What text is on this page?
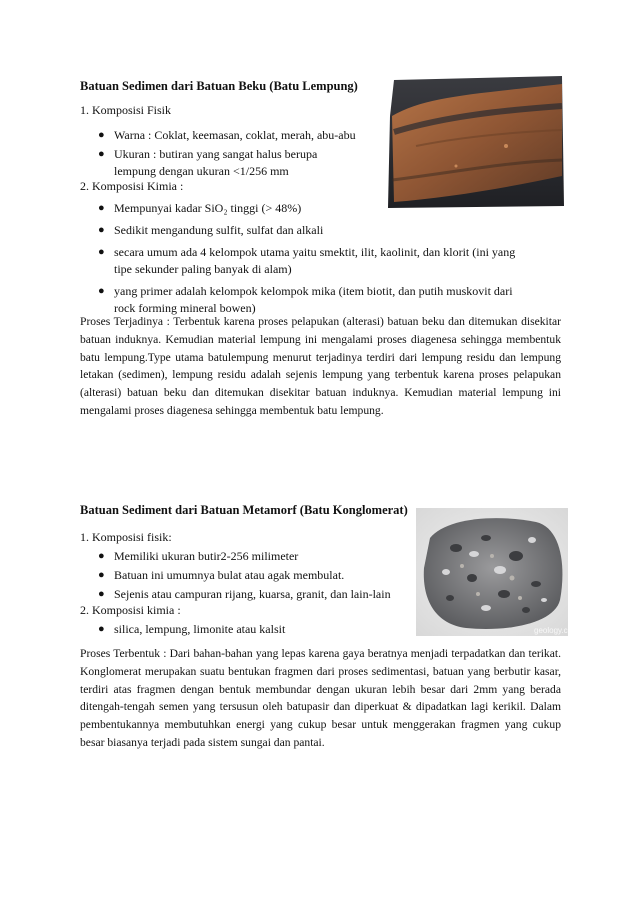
Batuan Sedimen dari Batuan Beku (Batu Lempung)
1. Komposisi Fisik
● Warna : Coklat, keemasan, coklat, merah, abu-abu
● Ukuran : butiran yang sangat halus berupa
lempung dengan ukuran <1/256 mm
2. Komposisi Kimia :
● Mempunyai kadar SiO₂ tinggi (> 48%)
● Sedikit mengandung sulfit, sulfat dan alkali
● secara umum ada 4 kelompok utama yaitu smektit, ilit, kaolinit, dan klorit (ini yang
tipe sekunder paling banyak di alam)
● yang primer adalah kelompok kelompok mika (item biotit, dan putih muskovit dari
rock forming mineral bowen)
Proses Terjadinya : Terbentuk karena proses pelapukan (alterasi) batuan beku dan ditemukan disekitar batuan induknya. Kemudian material lempung ini mengalami proses diagenesa sehingga membentuk batu lempung.Type utama batulempung menurut terjadinya terdiri dari lempung residu dan lempung letakan (sedimen), lempung residu adalah sejenis lempung yang terbentuk karena proses pelapukan (alterasi) batuan beku dan ditemukan disekitar batuan induknya. Kemudian material lempung ini mengalami proses diagenesa sehingga membentuk batu lempung.
Batuan Sediment dari Batuan Metamorf (Batu Konglomerat)
1. Komposisi fisik:
● Memiliki ukuran butir2-256 milimeter
● Batuan ini umumnya bulat atau agak membulat.
● Sejenis atau campuran rijang, kuarsa, granit, dan lain-lain
2. Komposisi kimia :
● silica, lempung, limonite atau kalsit
Proses Terbentuk : Dari bahan-bahan yang lepas karena gaya beratnya menjadi terpadatkan dan terikat. Konglomerat merupakan suatu bentukan fragmen dari proses sedimentasi, batuan yang berbutir kasar, terdiri atas fragmen dengan bentuk membundar dengan ukuran lebih besar dari 2mm yang berada ditengah-tengah semen yang tersusun oleh batupasir dan diperkuat & dipadatkan lagi kerikil. Dalam pembentukannya membutuhkan energi yang cukup besar untuk menggerakan fragmen yang cukup besar biasanya terjadi pada sistem sungai dan pantai.
geology.com
